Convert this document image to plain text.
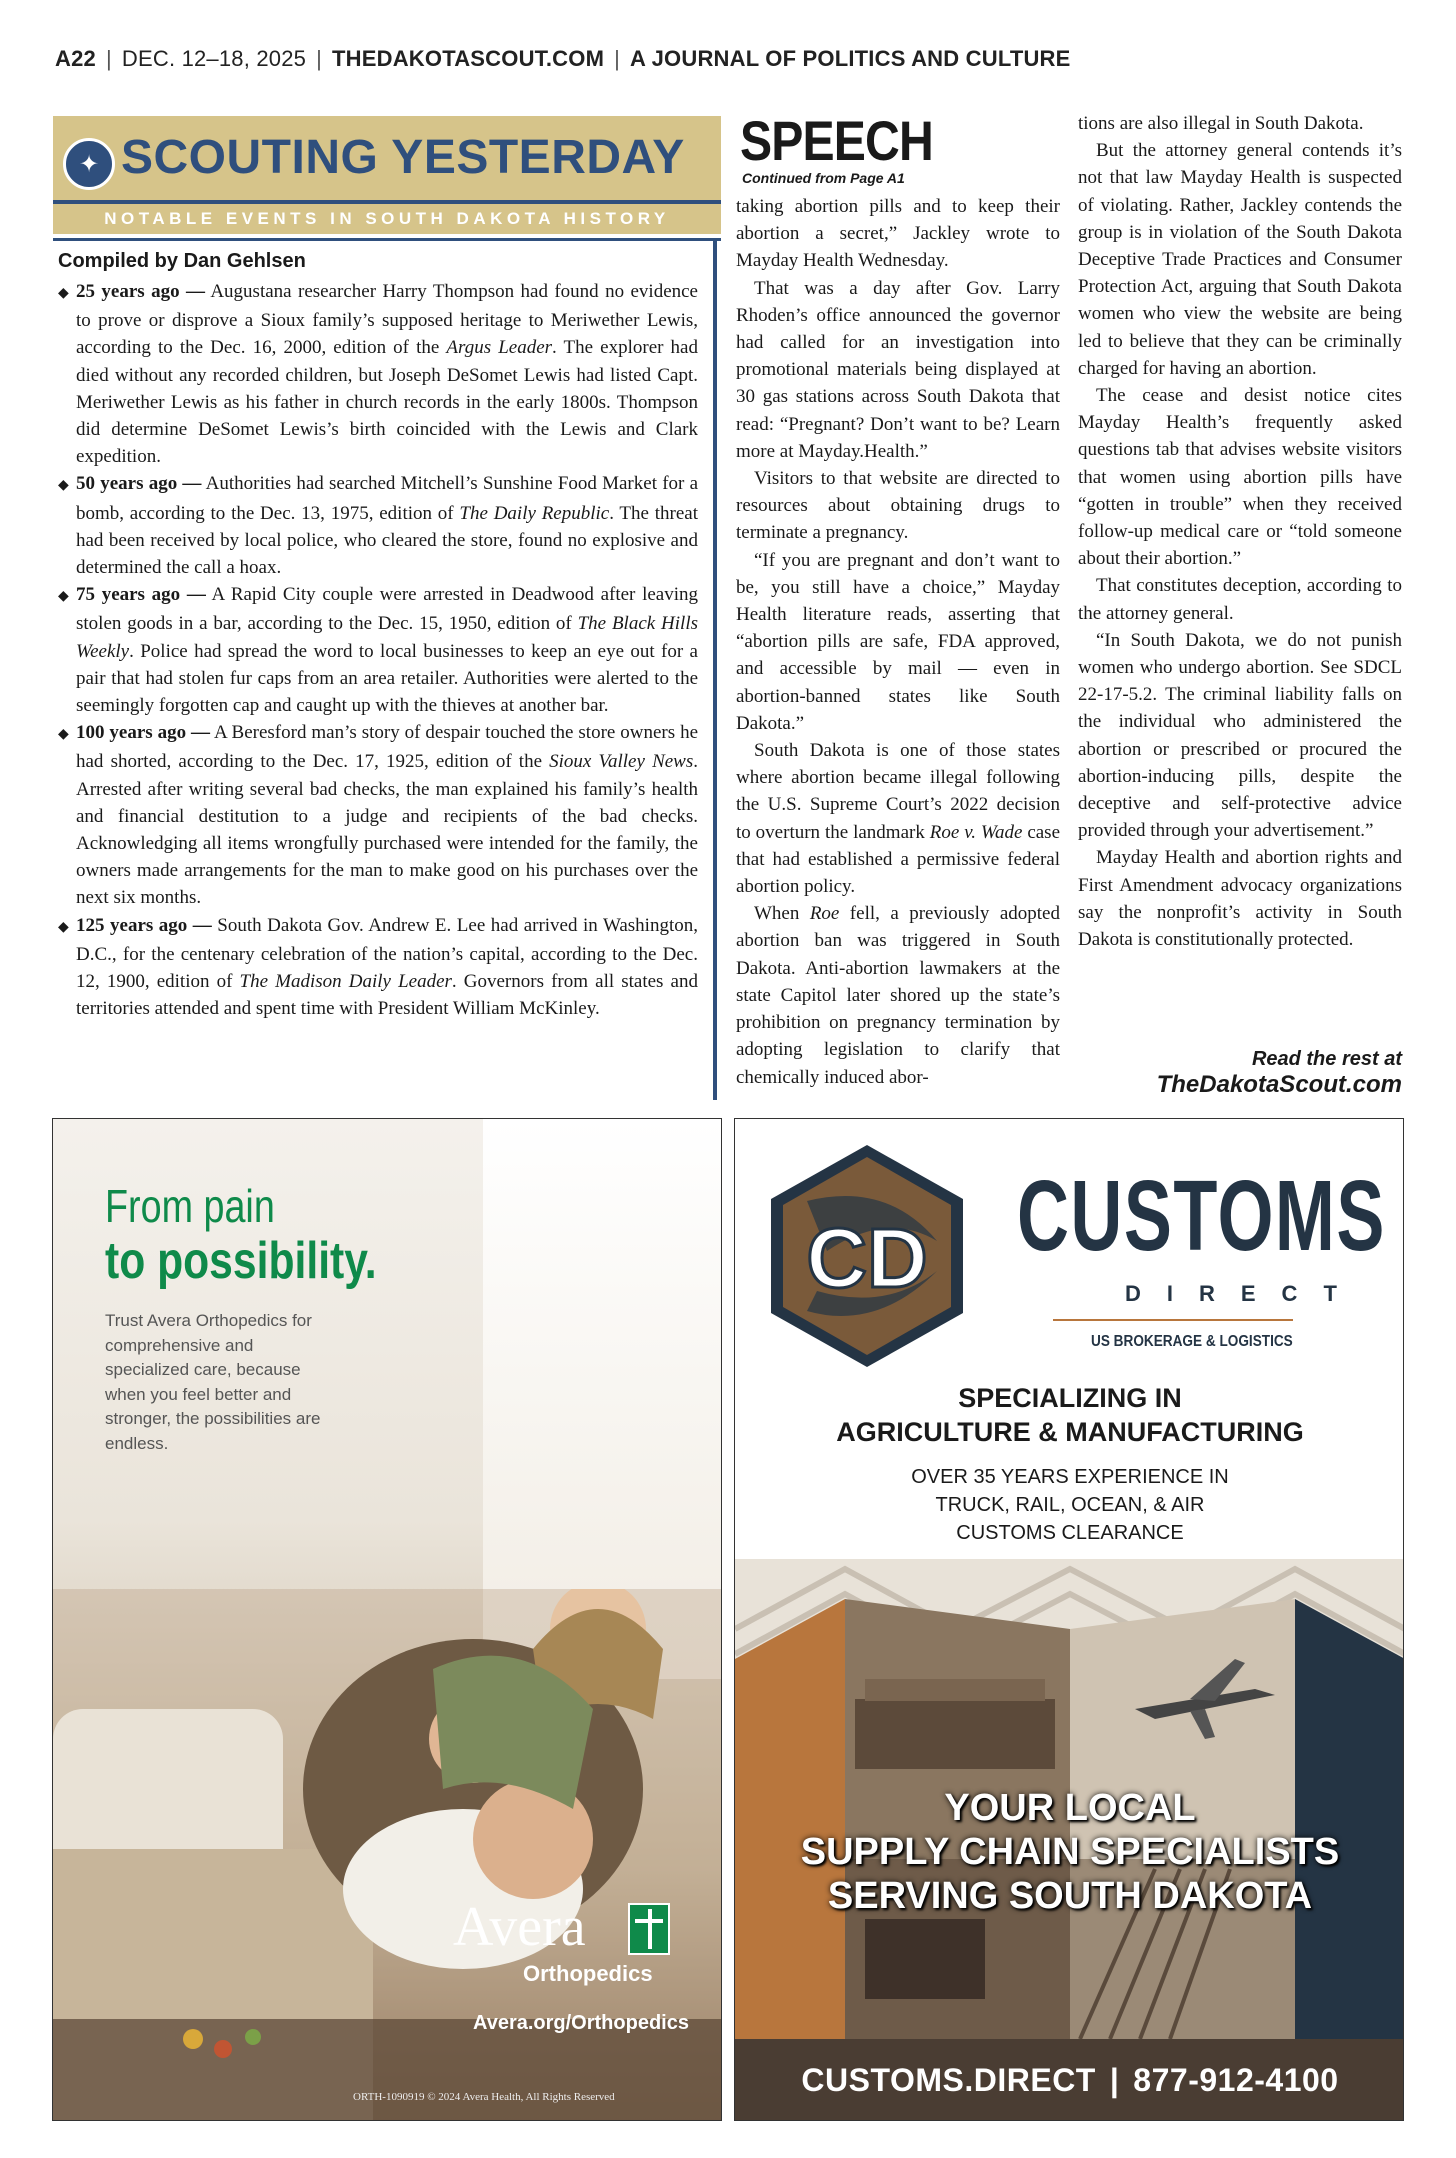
A22 | DEC. 12–18, 2025 | THEDAKOTASCOUT.COM | A JOURNAL OF POLITICS AND CULTURE
✦ SCOUTING YESTERDAY
NOTABLE EVENTS IN SOUTH DAKOTA HISTORY
Compiled by Dan Gehlsen

◆ 25 years ago — Augustana researcher Harry Thompson had found no evidence to prove or disprove a Sioux family’s supposed heritage to Meriwether Lewis, according to the Dec. 16, 2000, edition of the Argus Leader. The explorer had died without any recorded children, but Joseph DeSomet Lewis had listed Capt. Meriwether Lewis as his father in church records in the early 1800s. Thompson did determine DeSomet Lewis’s birth coincided with the Lewis and Clark expedition.

◆ 50 years ago — Authorities had searched Mitchell’s Sunshine Food Market for a bomb, according to the Dec. 13, 1975, edition of The Daily Republic. The threat had been received by local police, who cleared the store, found no explosive and determined the call a hoax.

◆ 75 years ago — A Rapid City couple were arrested in Deadwood after leaving stolen goods in a bar, according to the Dec. 15, 1950, edition of The Black Hills Weekly. Police had spread the word to local businesses to keep an eye out for a pair that had stolen fur caps from an area retailer. Authorities were alerted to the seemingly forgotten cap and caught up with the thieves at another bar.

◆ 100 years ago — A Beresford man’s story of despair touched the store owners he had shorted, according to the Dec. 17, 1925, edition of the Sioux Valley News. Arrested after writing several bad checks, the man explained his family’s health and financial destitution to a judge and recipients of the bad checks. Acknowledging all items wrongfully purchased were intended for the family, the owners made arrangements for the man to make good on his purchases over the next six months.

◆ 125 years ago — South Dakota Gov. Andrew E. Lee had arrived in Washington, D.C., for the centenary celebration of the nation’s capital, according to the Dec. 12, 1900, edition of The Madison Daily Leader. Governors from all states and territories attended and spent time with President William McKinley.

SPEECH
Continued from Page A1

taking abortion pills and to keep their abortion a secret,” Jackley wrote to Mayday Health Wednesday.

That was a day after Gov. Larry Rhoden’s office announced the governor had called for an investigation into promotional materials being displayed at 30 gas stations across South Dakota that read: “Pregnant? Don’t want to be? Learn more at Mayday.Health.”

Visitors to that website are directed to resources about obtaining drugs to terminate a pregnancy.

“If you are pregnant and don’t want to be, you still have a choice,” Mayday Health literature reads, asserting that “abortion pills are safe, FDA approved, and accessible by mail — even in abortion-banned states like South Dakota.”

South Dakota is one of those states where abortion became illegal following the U.S. Supreme Court’s 2022 decision to overturn the landmark Roe v. Wade case that had established a permissive federal abortion policy.

When Roe fell, a previously adopted abortion ban was triggered in South Dakota. Anti-abortion lawmakers at the state Capitol later shored up the state’s prohibition on pregnancy termination by adopting legislation to clarify that chemically induced abor-

tions are also illegal in South Dakota.

But the attorney general contends it’s not that law Mayday Health is suspected of violating. Rather, Jackley contends the group is in violation of the South Dakota Deceptive Trade Practices and Consumer Protection Act, arguing that South Dakota women who view the website are being led to believe that they can be criminally charged for having an abortion.

The cease and desist notice cites Mayday Health’s frequently asked questions tab that advises website visitors that women using abortion pills have “gotten in trouble” when they received follow-up medical care or “told someone about their abortion.”

That constitutes deception, according to the attorney general.

“In South Dakota, we do not punish women who undergo abortion. See SDCL 22-17-5.2. The criminal liability falls on the individual who administered the abortion or prescribed or procured the abortion-inducing pills, despite the deceptive and self-protective advice provided through your advertisement.”

Mayday Health and abortion rights and First Amendment advocacy organizations say the nonprofit’s activity in South Dakota is constitutionally protected.

Read the rest at
TheDakotaScout.com
From pain
to possibility.
Trust Avera Orthopedics for comprehensive and specialized care, because when you feel better and stronger, the possibilities are endless.
Avera
Orthopedics
Avera.org/Orthopedics
ORTH-1090919 © 2024 Avera Health, All Rights Reserved
CD CUSTOMS
DIRECT
US BROKERAGE & LOGISTICS
SPECIALIZING IN
AGRICULTURE & MANUFACTURING
OVER 35 YEARS EXPERIENCE IN
TRUCK, RAIL, OCEAN, & AIR
CUSTOMS CLEARANCE
YOUR LOCAL
SUPPLY CHAIN SPECIALISTS
SERVING SOUTH DAKOTA
CUSTOMS.DIRECT | 877-912-4100
